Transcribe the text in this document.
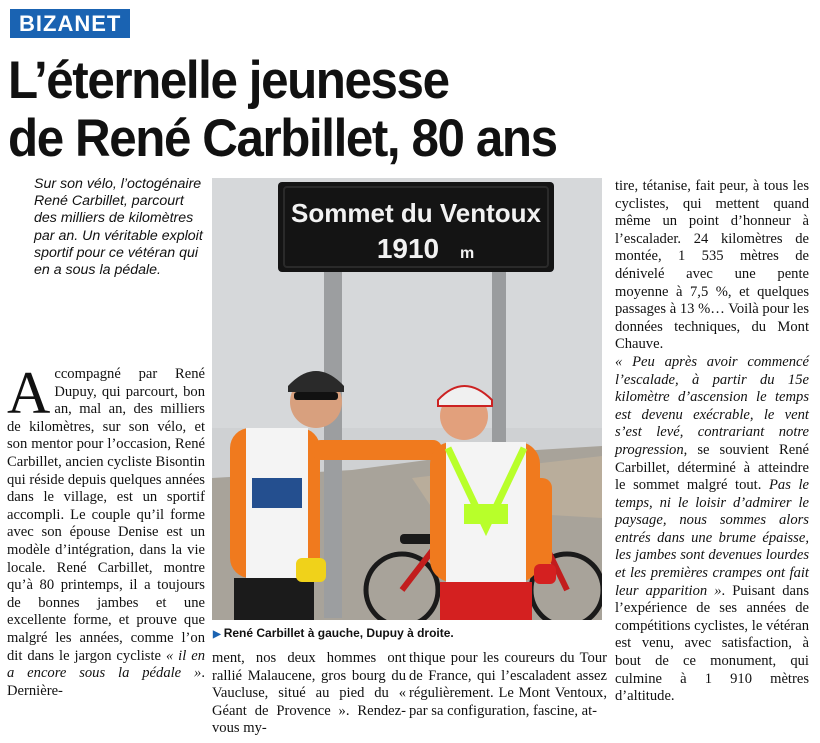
BIZANET
L’éternelle jeunesse
de René Carbillet, 80 ans
Sur son vélo, l’octogénaire René Carbillet, parcourt des milliers de kilomètres par an. Un véritable exploit sportif pour ce vétéran qui en a sous la pédale.
Sommet du Ventoux
1910 m
▶ René Carbillet à gauche, Dupuy à droite.

Accompagné par René Dupuy, qui parcourt, bon an, mal an, des milliers de kilomètres, sur son vélo, et son mentor pour l’occasion, René Carbillet, ancien cycliste Bisontin qui réside depuis quelques années dans le village, est un sportif accompli. Le couple qu’il forme avec son épouse Denise est un modèle d’intégration, dans la vie locale. René Carbillet, montre qu’à 80 printemps, il a toujours de bonnes jambes et une excellente forme, et prouve que malgré les années, comme l’on dit dans le jargon cycliste « il en a encore sous la pédale ». Dernière-

ment, nos deux hommes ont rallié Malaucene, gros bourg du Vaucluse, situé au pied du « Géant de Provence ». Rendez-vous my-

thique pour les coureurs du Tour de France, qui l’escaladent assez régulièrement. Le Mont Ventoux, par sa configuration, fascine, at-

tire, tétanise, fait peur, à tous les cyclistes, qui mettent quand même un point d’honneur à l’escalader. 24 kilomètres de montée, 1 535 mètres de dénivelé avec une pente moyenne à 7,5 %, et quelques passages à 13 %… Voilà pour les données techniques, du Mont Chauve.

« Peu après avoir commencé l’escalade, à partir du 15e kilomètre d’ascension le temps est devenu exécrable, le vent s’est levé, contrariant notre progression, se souvient René Carbillet, déterminé à atteindre le sommet malgré tout. Pas le temps, ni le loisir d’admirer le paysage, nous sommes alors entrés dans une brume épaisse, les jambes sont devenues lourdes et les premières crampes ont fait leur apparition ». Puisant dans l’expérience de ses années de compétitions cyclistes, le vétéran est venu, avec satisfaction, à bout de ce monument, qui culmine à 1 910 mètres d’altitude.
